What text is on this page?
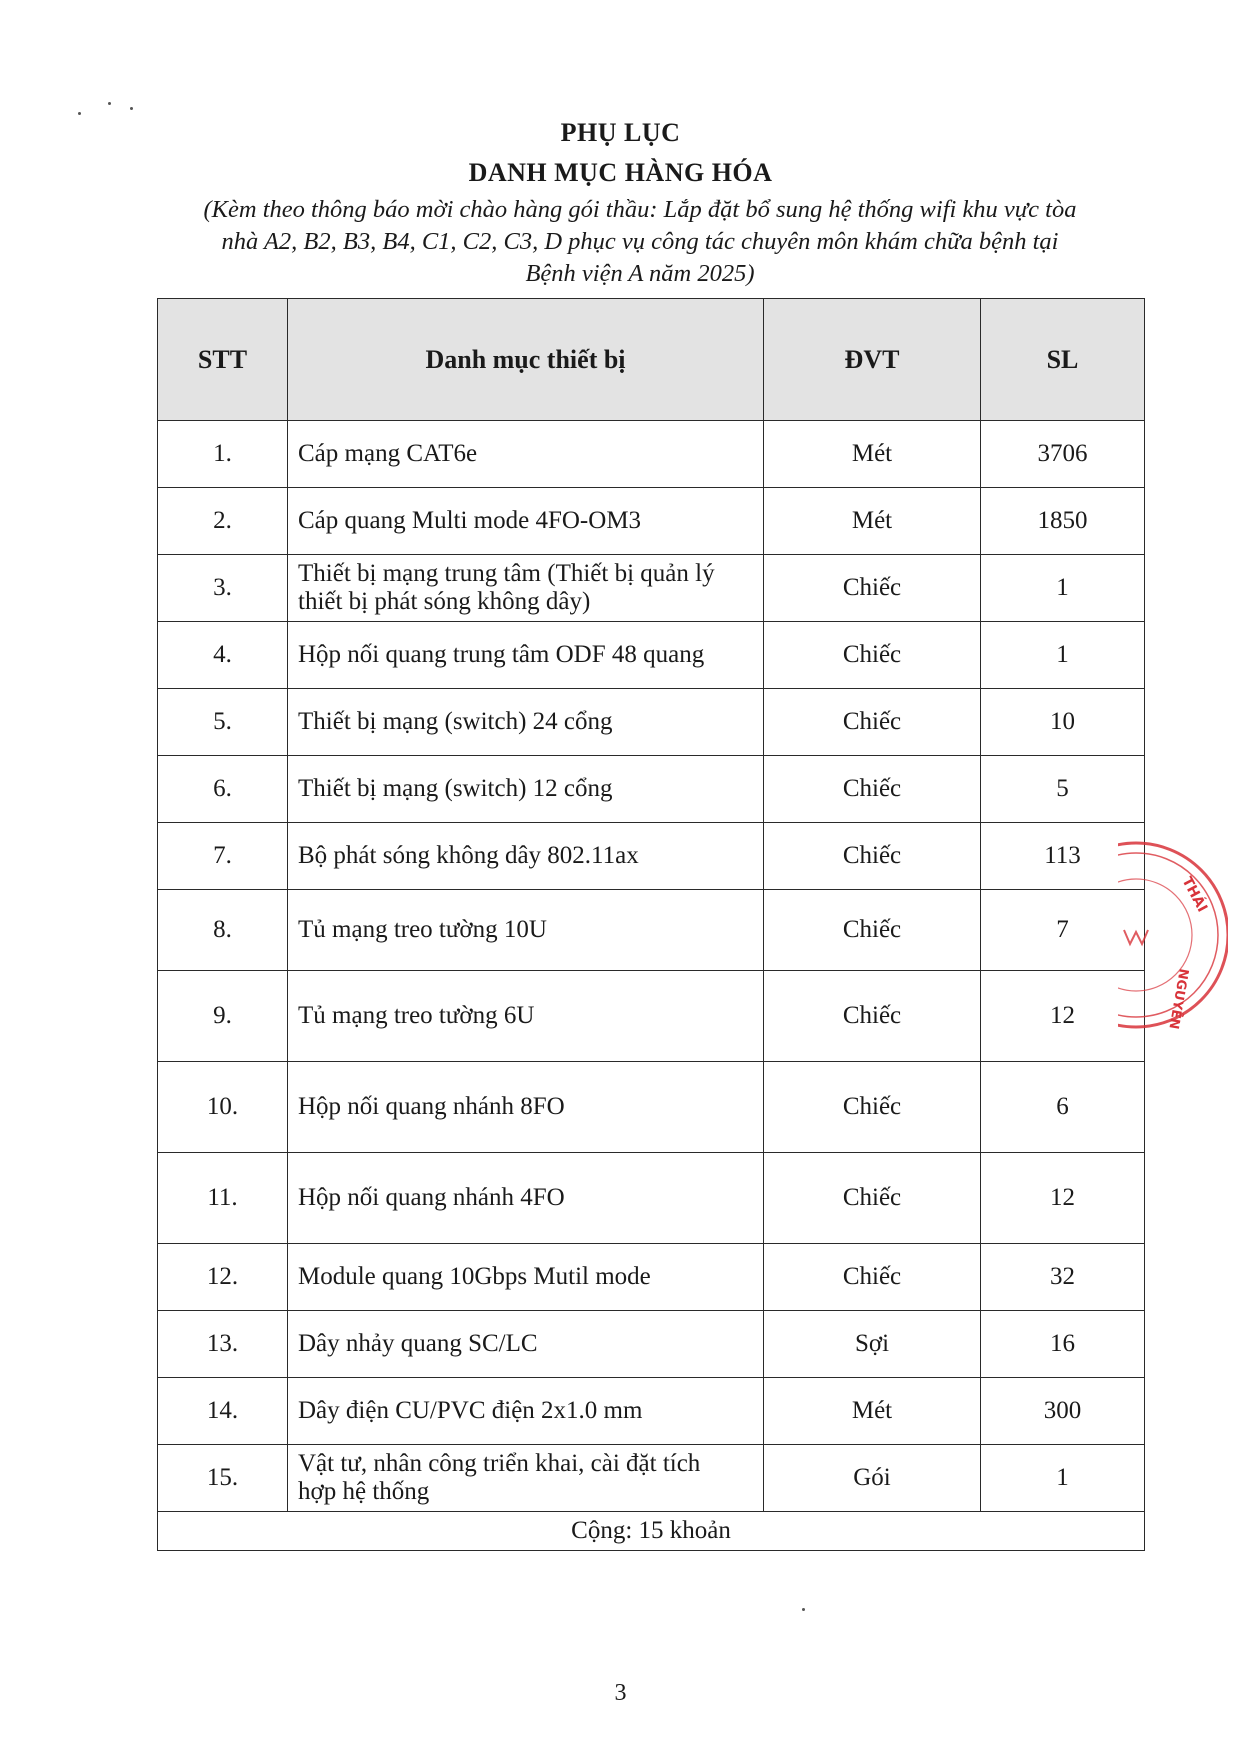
PHỤ LỤC
DANH MỤC HÀNG HÓA
(Kèm theo thông báo mời chào hàng gói thầu: Lắp đặt bổ sung hệ thống wifi khu vực tòa
nhà A2, B2, B3, B4, C1, C2, C3, D phục vụ công tác chuyên môn khám chữa bệnh tại
Bệnh viện A năm 2025)
STT	Danh mục thiết bị	ĐVT	SL
1.	Cáp mạng CAT6e	Mét	3706
2.	Cáp quang Multi mode 4FO-OM3	Mét	1850
3.	Thiết bị mạng trung tâm (Thiết bị quản lý
thiết bị phát sóng không dây)	Chiếc	1
4.	Hộp nối quang trung tâm ODF 48 quang	Chiếc	1
5.	Thiết bị mạng (switch) 24 cổng	Chiếc	10
6.	Thiết bị mạng (switch) 12 cổng	Chiếc	5
7.	Bộ phát sóng không dây 802.11ax	Chiếc	113
8.	Tủ mạng treo tường 10U	Chiếc	7
9.	Tủ mạng treo tường 6U	Chiếc	12
10.	Hộp nối quang nhánh 8FO	Chiếc	6
11.	Hộp nối quang nhánh 4FO	Chiếc	12
12.	Module quang 10Gbps Mutil mode	Chiếc	32
13.	Dây nhảy quang SC/LC	Sợi	16
14.	Dây điện CU/PVC điện 2x1.0 mm	Mét	300
15.	Vật tư, nhân công triển khai, cài đặt tích
hợp hệ thống	Gói	1
Cộng: 15 khoản			
THÁI
NGUYÊN
3
